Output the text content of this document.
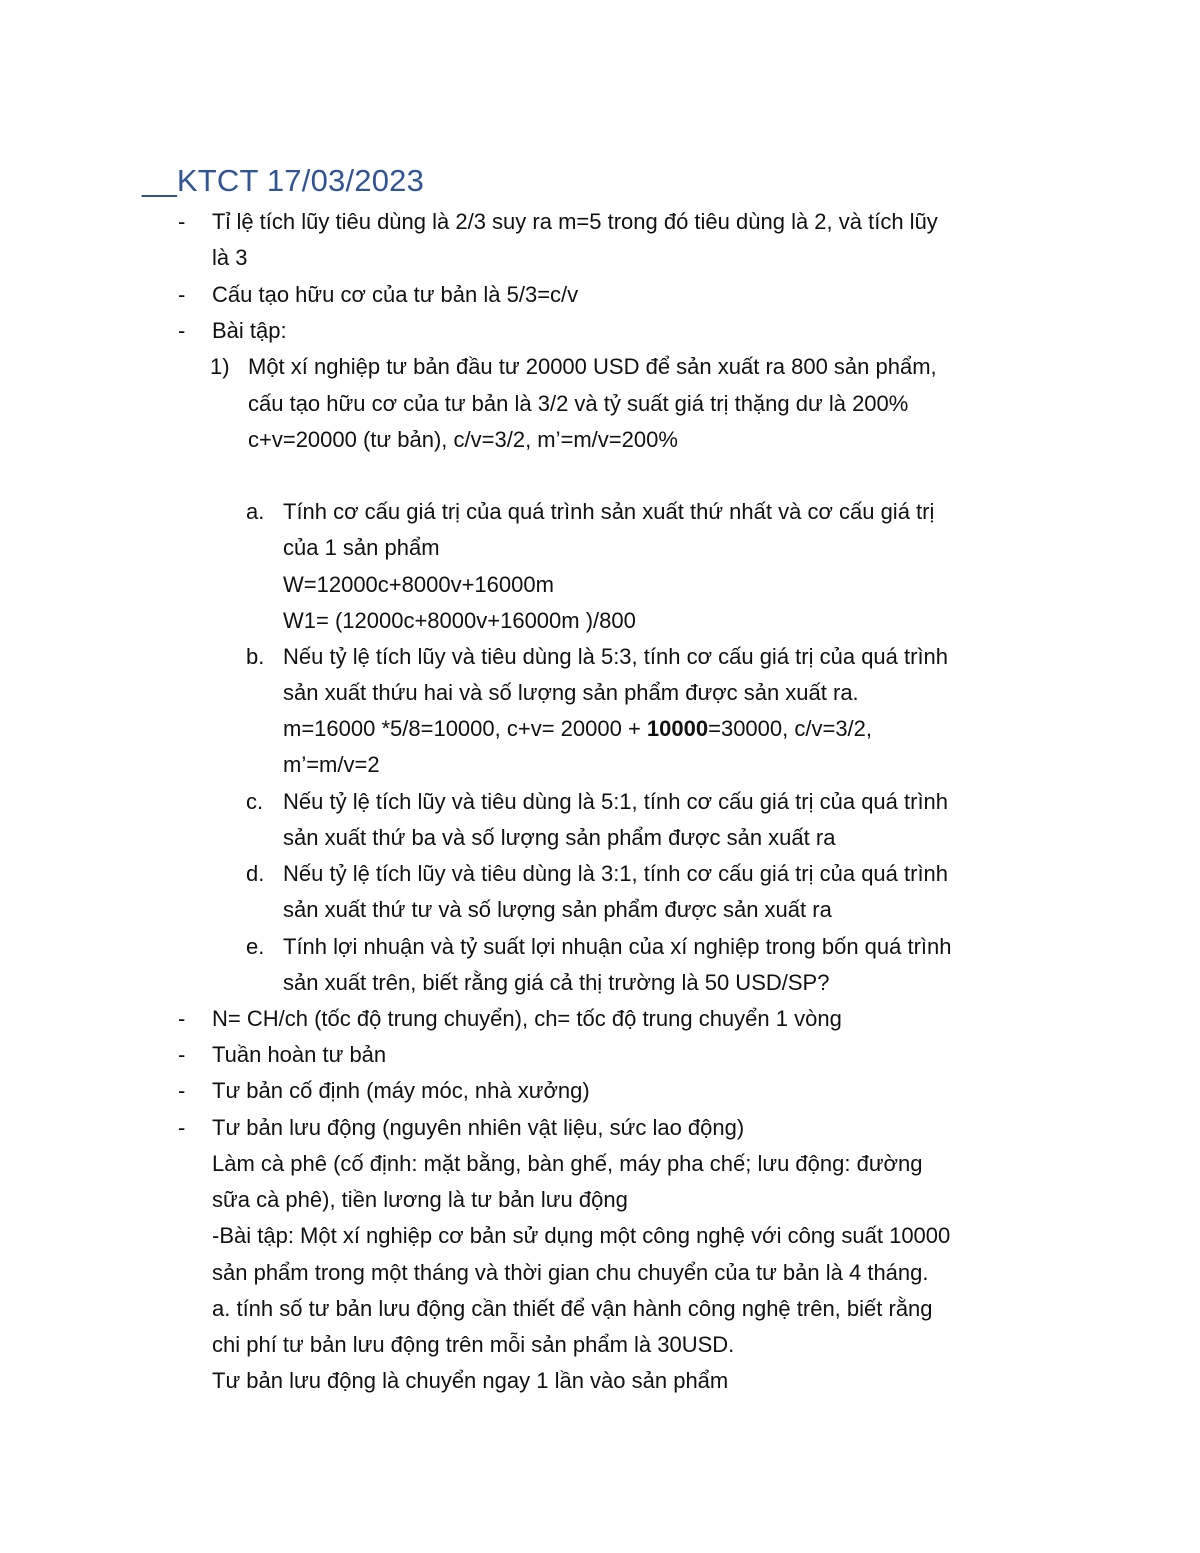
__KTCT 17/03/2023
- Tỉ lệ tích lũy tiêu dùng là 2/3 suy ra m=5 trong đó tiêu dùng là 2, và tích lũy
là 3
- Cấu tạo hữu cơ của tư bản là 5/3=c/v
- Bài tập:
1) Một xí nghiệp tư bản đầu tư 20000 USD để sản xuất ra 800 sản phẩm,
cấu tạo hữu cơ của tư bản là 3/2 và tỷ suất giá trị thặng dư là 200%
c+v=20000 (tư bản), c/v=3/2, m’=m/v=200%
a. Tính cơ cấu giá trị của quá trình sản xuất thứ nhất và cơ cấu giá trị
của 1 sản phẩm
W=12000c+8000v+16000m
W1= (12000c+8000v+16000m )/800
b. Nếu tỷ lệ tích lũy và tiêu dùng là 5:3, tính cơ cấu giá trị của quá trình
sản xuất thứu hai và số lượng sản phẩm được sản xuất ra.
m=16000 *5/8=10000, c+v= 20000 + 10000=30000, c/v=3/2,
m’=m/v=2
c. Nếu tỷ lệ tích lũy và tiêu dùng là 5:1, tính cơ cấu giá trị của quá trình
sản xuất thứ ba và số lượng sản phẩm được sản xuất ra
d. Nếu tỷ lệ tích lũy và tiêu dùng là 3:1, tính cơ cấu giá trị của quá trình
sản xuất thứ tư và số lượng sản phẩm được sản xuất ra
e. Tính lợi nhuận và tỷ suất lợi nhuận của xí nghiệp trong bốn quá trình
sản xuất trên, biết rằng giá cả thị trường là 50 USD/SP?
- N= CH/ch (tốc độ trung chuyển), ch= tốc độ trung chuyển 1 vòng
- Tuần hoàn tư bản
- Tư bản cố định (máy móc, nhà xưởng)
- Tư bản lưu động (nguyên nhiên vật liệu, sức lao động)
Làm cà phê (cố định: mặt bằng, bàn ghế, máy pha chế; lưu động: đường
sữa cà phê), tiền lương là tư bản lưu động
-Bài tập: Một xí nghiệp cơ bản sử dụng một công nghệ với công suất 10000
sản phẩm trong một tháng và thời gian chu chuyển của tư bản là 4 tháng.
a. tính số tư bản lưu động cần thiết để vận hành công nghệ trên, biết rằng
chi phí tư bản lưu động trên mỗi sản phẩm là 30USD.
Tư bản lưu động là chuyển ngay 1 lần vào sản phẩm
